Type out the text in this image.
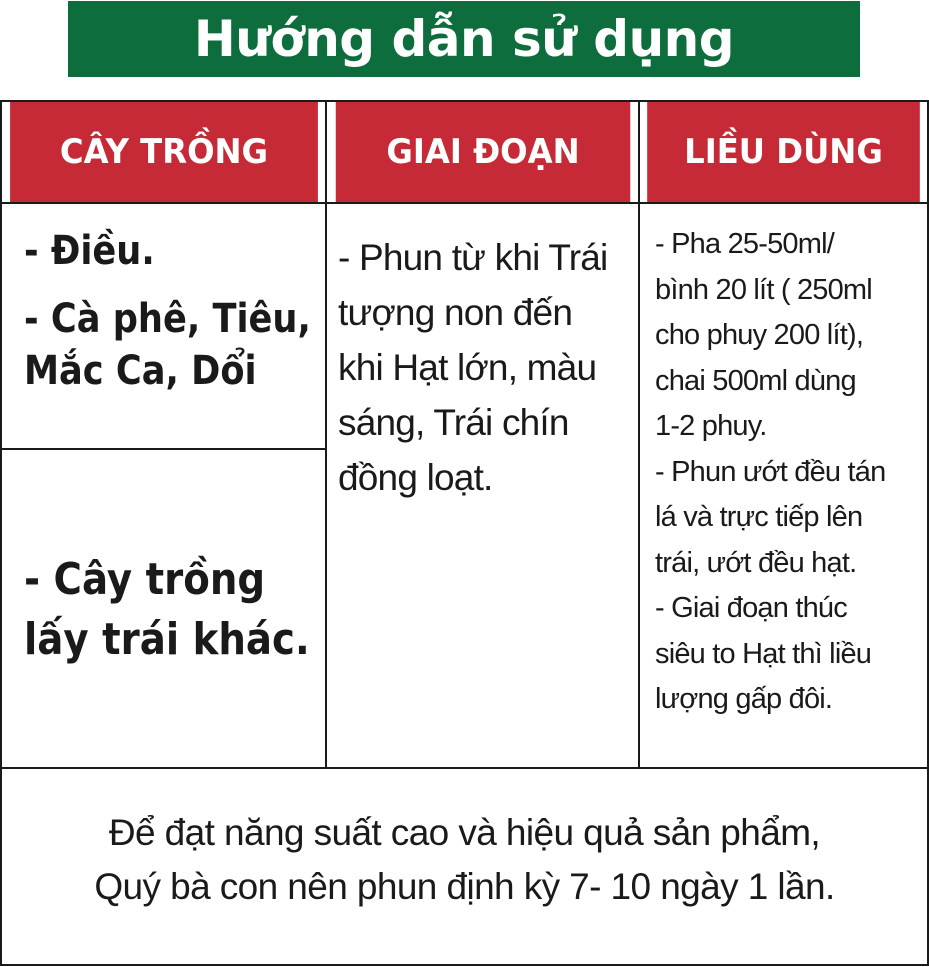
Hướng dẫn sử dụng
CÂY TRỒNG	GIAI ĐOẠN	LIỀU DÙNG
- Điều.
- Cà phê, Tiêu,
Mắc Ca, Dổi
- Cây trồng
lấy trái khác.
- Phun từ khi Trái
tượng non đến
khi Hạt lớn, màu
sáng, Trái chín
đồng loạt.
- Pha 25-50ml/
bình 20 lít ( 250ml
cho phuy 200 lít),
chai 500ml dùng
1-2 phuy.
- Phun ướt đều tán
lá và trực tiếp lên
trái, ướt đều hạt.
- Giai đoạn thúc
siêu to Hạt thì liều
lượng gấp đôi.
Để đạt năng suất cao và hiệu quả sản phẩm,
Quý bà con nên phun định kỳ 7- 10 ngày 1 lần.
